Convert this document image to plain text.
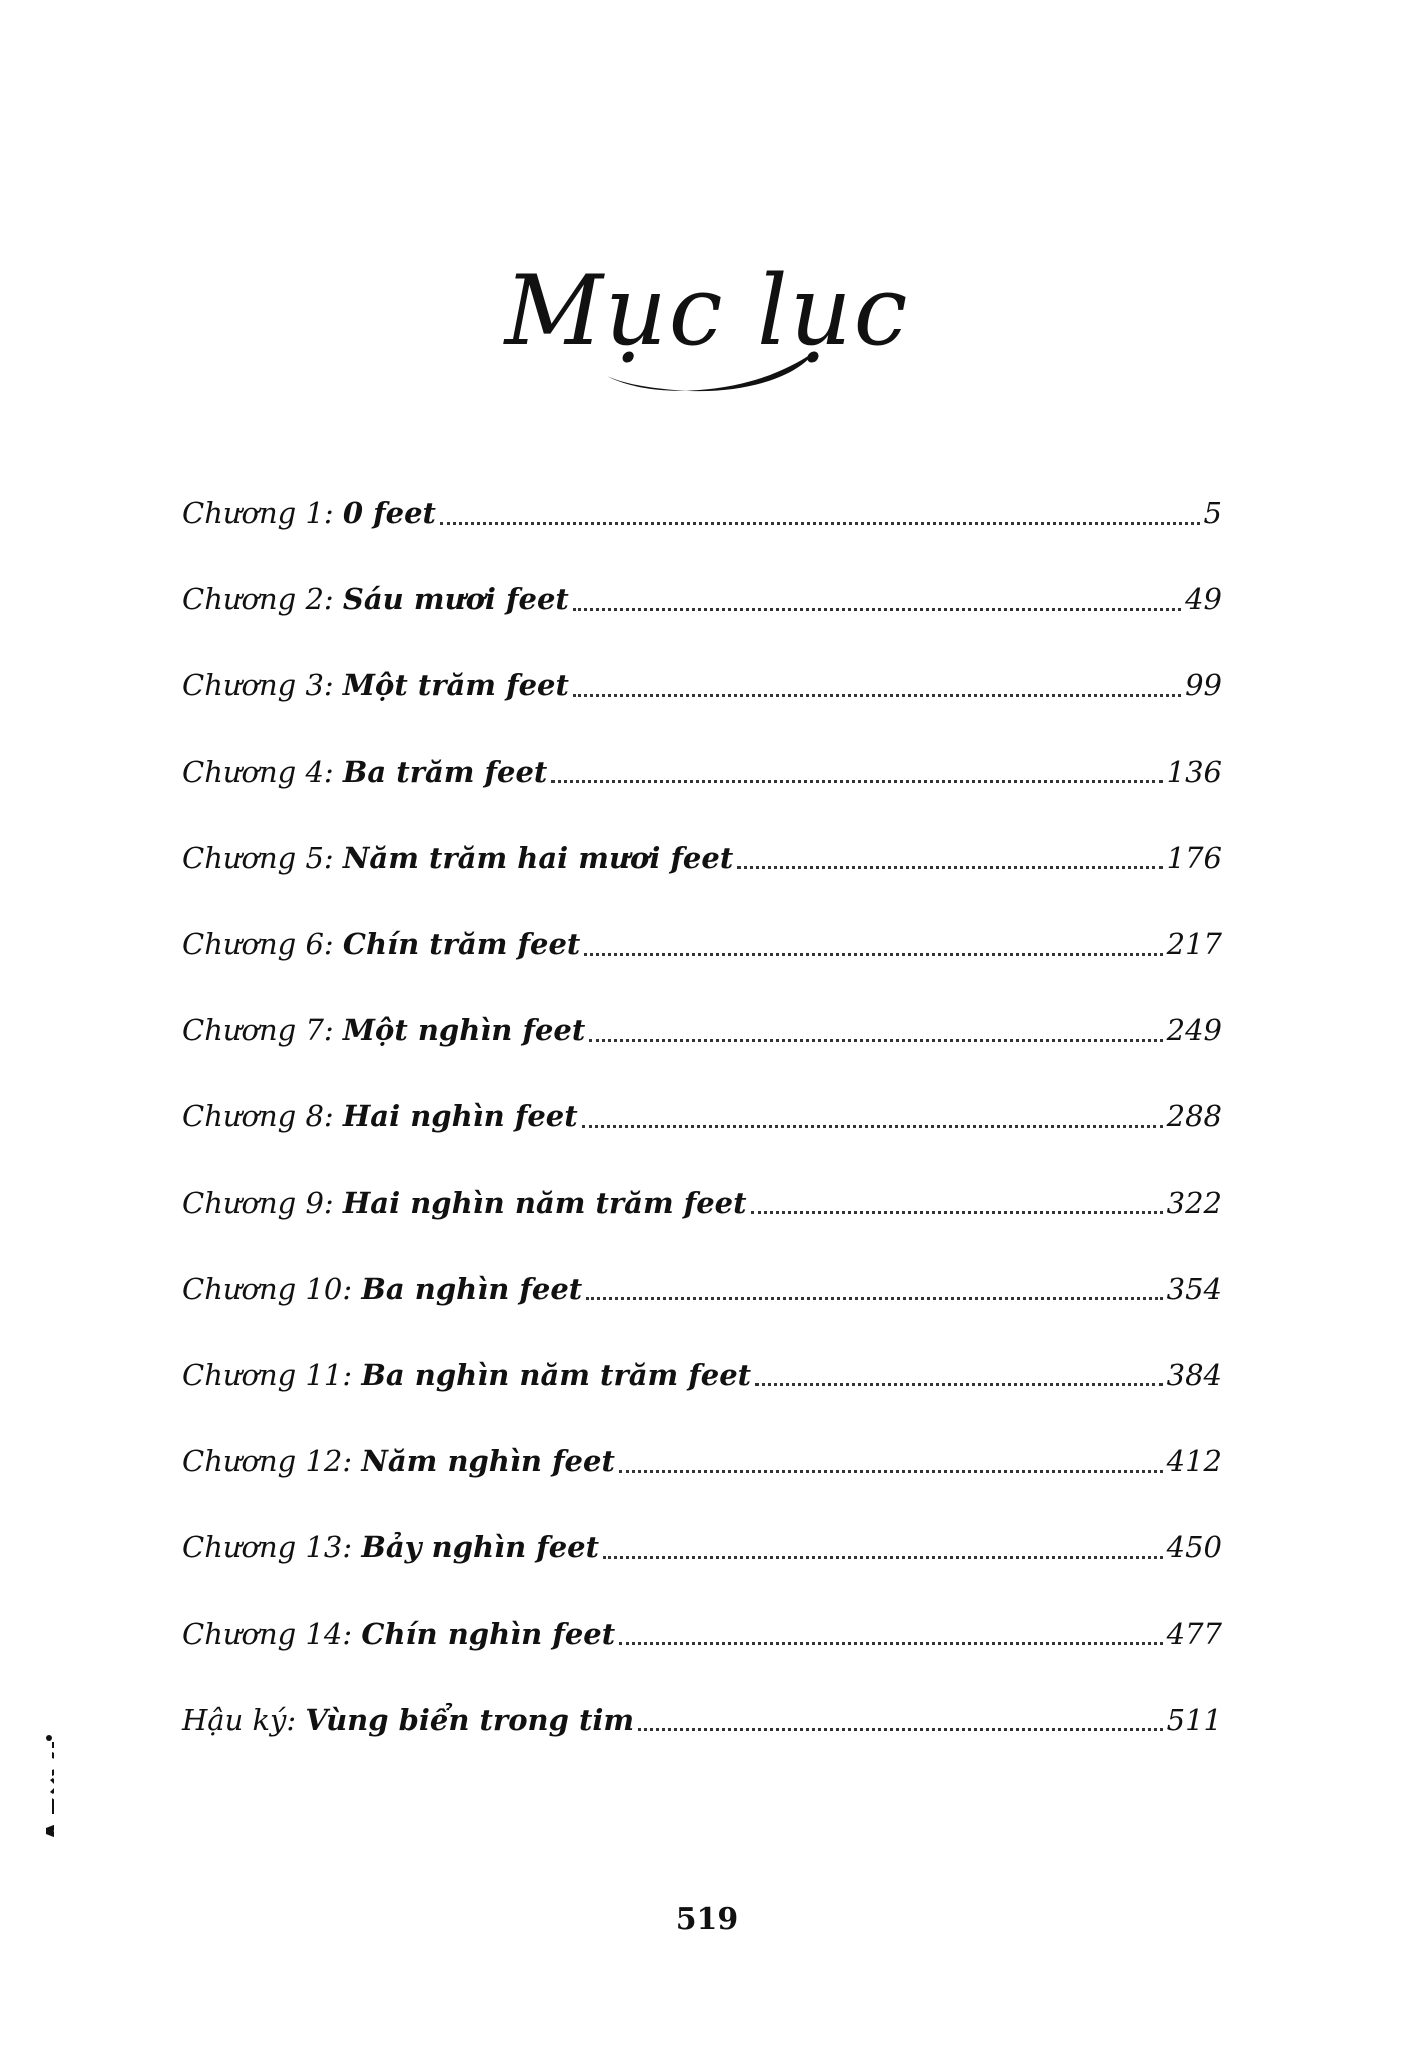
Mục lục
Chương 1: 0 feet	5
Chương 2: Sáu mươi feet	49
Chương 3: Một trăm feet	99
Chương 4: Ba trăm feet	136
Chương 5: Năm trăm hai mươi feet	176
Chương 6: Chín trăm feet	217
Chương 7: Một nghìn feet	249
Chương 8: Hai nghìn feet	288
Chương 9: Hai nghìn năm trăm feet	322
Chương 10: Ba nghìn feet	354
Chương 11: Ba nghìn năm trăm feet	384
Chương 12: Năm nghìn feet	412
Chương 13: Bảy nghìn feet	450
Chương 14: Chín nghìn feet	477
Hậu ký: Vùng biển trong tim	511
519
